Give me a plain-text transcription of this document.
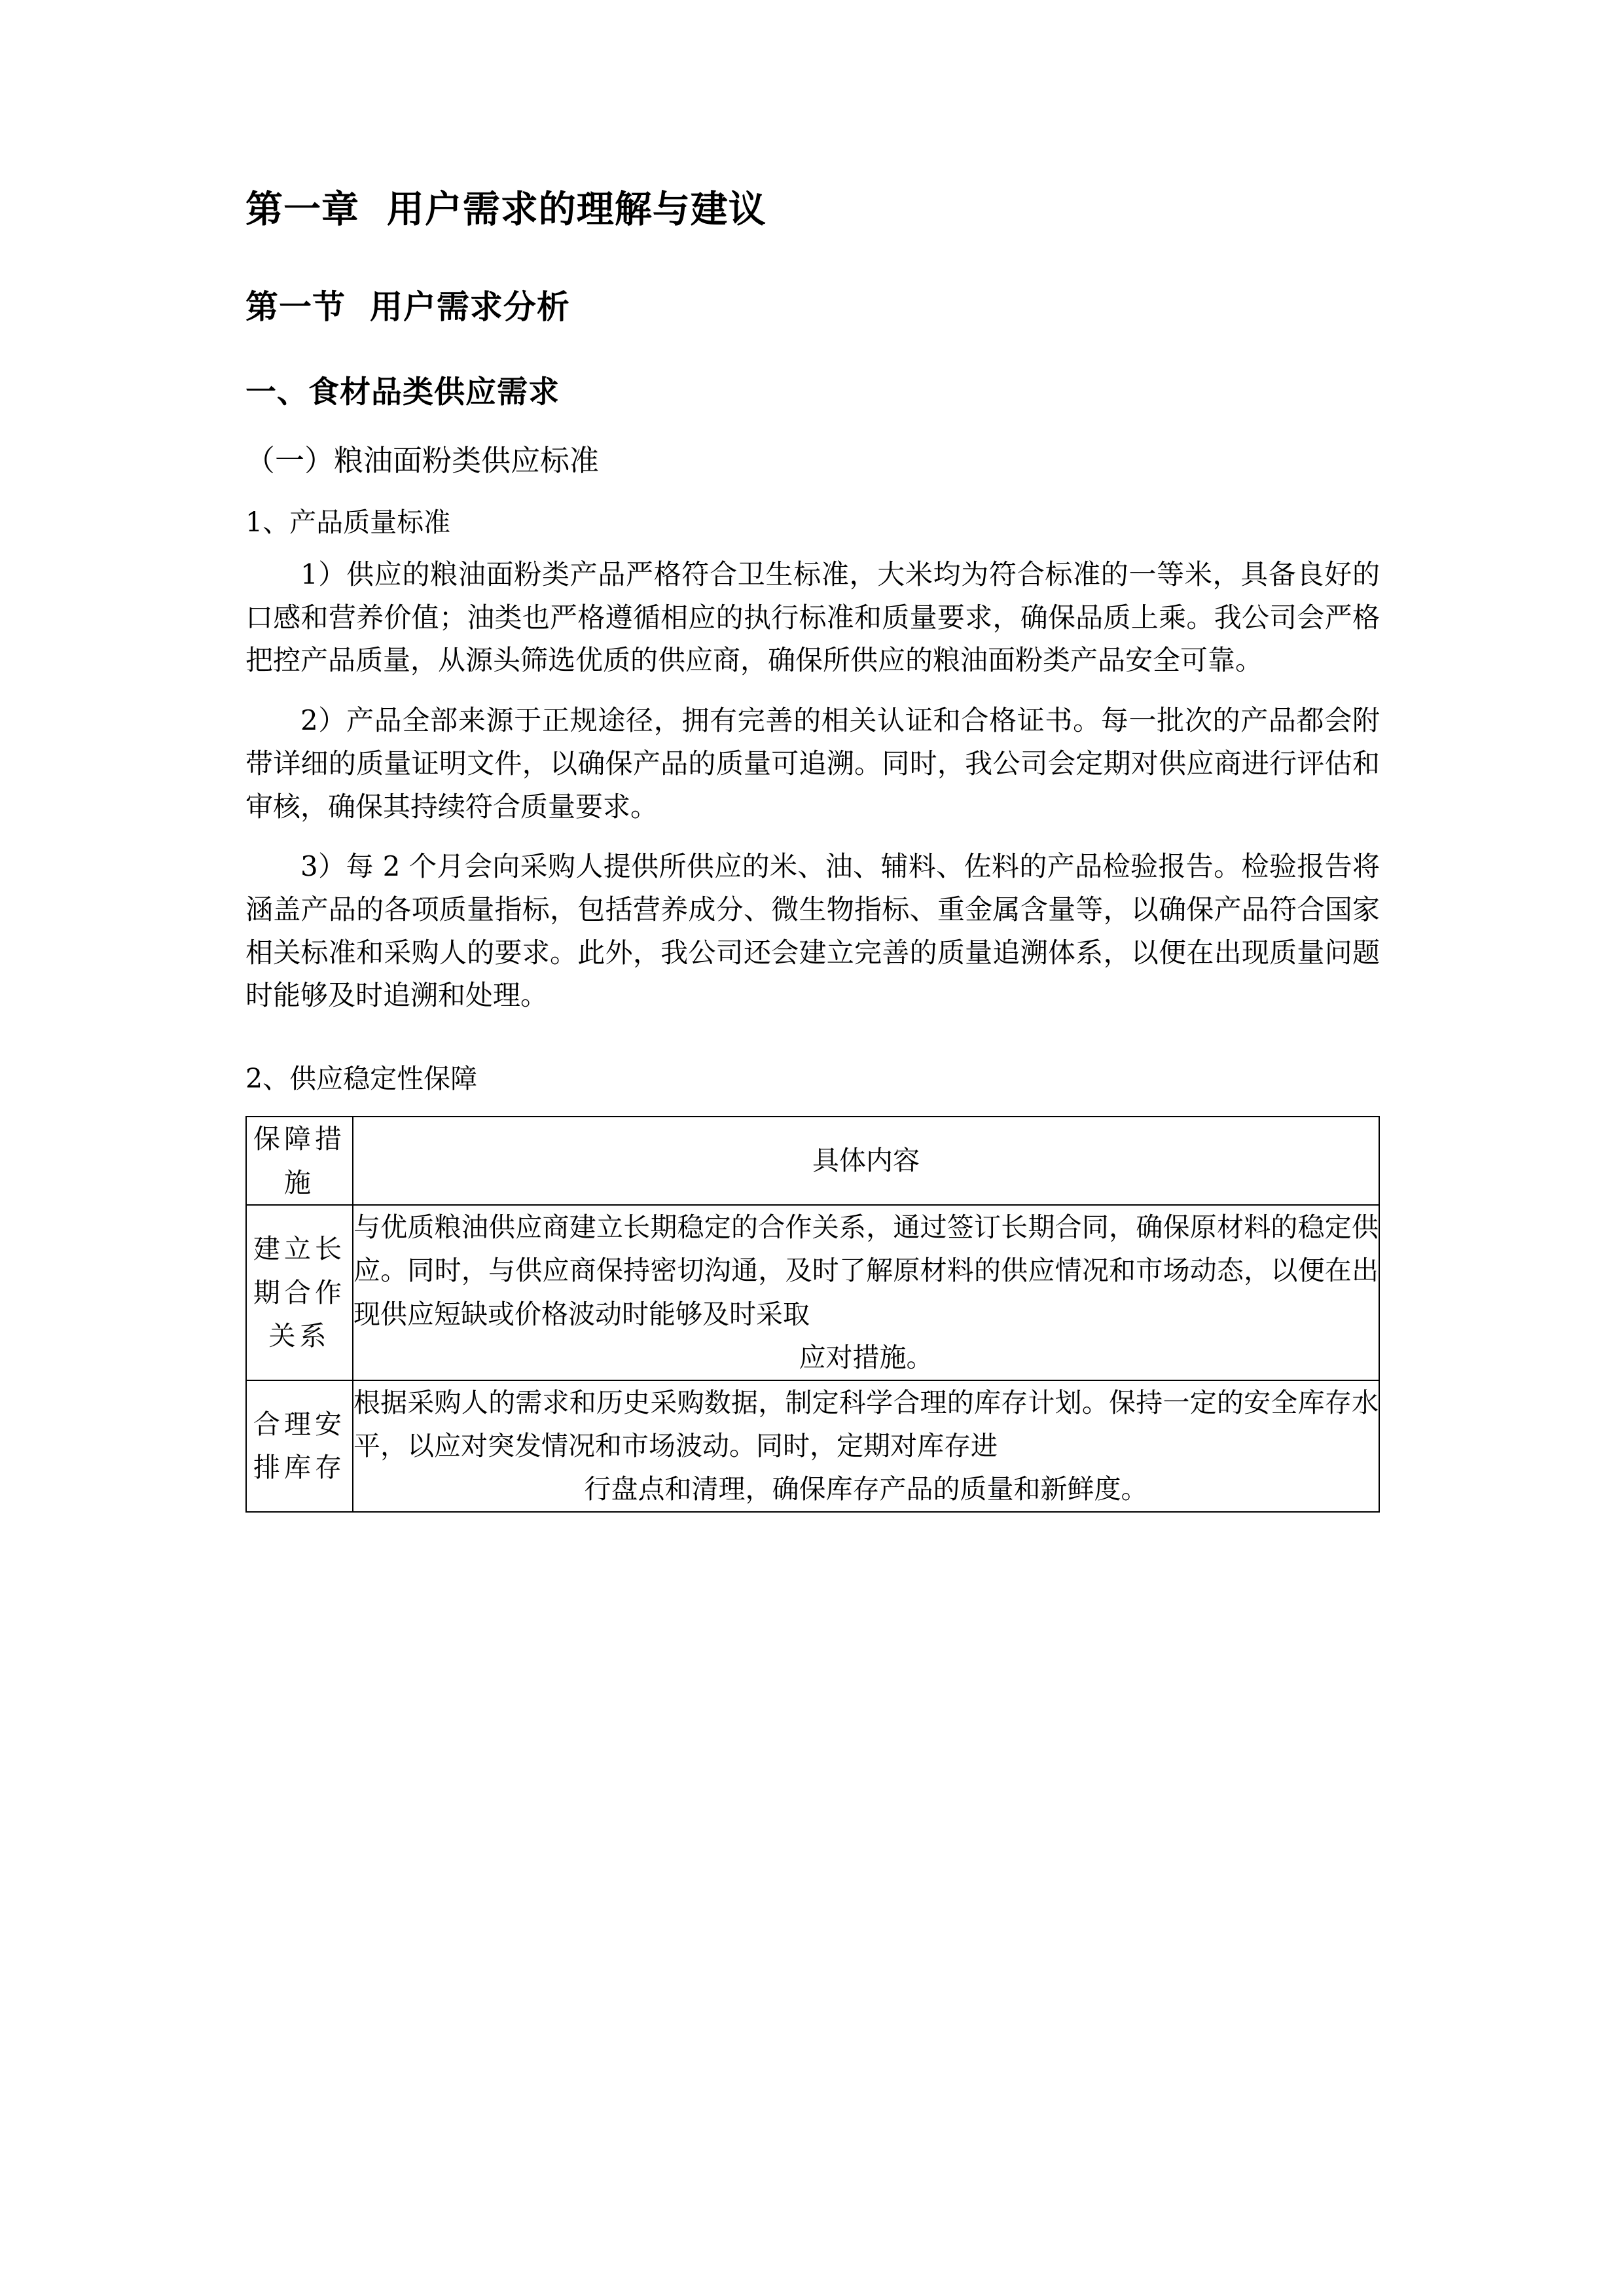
第一章  用户需求的理解与建议
第一节  用户需求分析
一、食材品类供应需求
（一）粮油面粉类供应标准

1、产品质量标准

1）供应的粮油面粉类产品严格符合卫生标准，大米均为符合标准的一等米，具备良好的口感和营养价值；油类也严格遵循相应的执行标准和质量要求，确保品质上乘。我公司会严格把控产品质量，从源头筛选优质的供应商，确保所供应的粮油面粉类产品安全可靠。

2）产品全部来源于正规途径，拥有完善的相关认证和合格证书。每一批次的产品都会附带详细的质量证明文件，以确保产品的质量可追溯。同时，我公司会定期对供应商进行评估和审核，确保其持续符合质量要求。

3）每 2 个月会向采购人提供所供应的米、油、辅料、佐料的产品检验报告。检验报告将涵盖产品的各项质量指标，包括营养成分、微生物指标、重金属含量等，以确保产品符合国家相关标准和采购人的要求。此外，我公司还会建立完善的质量追溯体系，以便在出现质量问题时能够及时追溯和处理。

2、供应稳定性保障

保障措施	具体内容
建立长期合作关系	与优质粮油供应商建立长期稳定的合作关系，通过签订长期合同，确保原材料的稳定供应。同时，与供应商保持密切沟通，及时了解原材料的供应情况和市场动态，以便在出现供应短缺或价格波动时能够及时采取
应对措施。

合理安排库存	根据采购人的需求和历史采购数据，制定科学合理的库存计划。保持一定的安全库存水平，以应对突发情况和市场波动。同时，定期对库存进
行盘点和清理，确保库存产品的质量和新鲜度。
